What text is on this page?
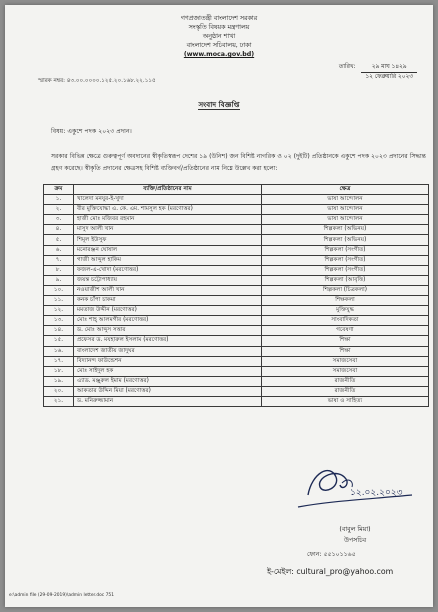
গণপ্রজাতন্ত্রী বাংলাদেশ সরকার
সংস্কৃতি বিষয়ক মন্ত্রণালয়
অনুষ্ঠান শাখা
বাংলাদেশ সচিবালয়, ঢাকা
(www.moca.gov.bd)
তারিখ:	২৯ মাঘ ১৪২৯
১২ ফেব্রুয়ারি ২০২৩
স্মারক নম্বর: ৪৩.০০.০০০০.১২৫.২০.১৬৮.২২.১১৫
সংবাদ বিজ্ঞপ্তি
বিষয়: একুশে পদক ২০২৩ প্রদান।
সরকার বিভিন্ন ক্ষেত্রে গুরুত্বপূর্ণ অবদানের স্বীকৃতিস্বরূপ দেশের ১৯ (উনিশ) জন বিশিষ্ট নাগরিক ও ০২ (দুইটি) প্রতিষ্ঠানকে একুশে পদক ২০২৩ প্রদানের সিদ্ধান্ত গ্রহণ করেছে। স্বীকৃতি প্রদানের ক্ষেত্রসহ বিশিষ্ট ব্যক্তিবর্গ/প্রতিষ্ঠানের নাম নিম্নে উল্লেখ করা হলো:
ক্রম	ব্যক্তি/প্রতিষ্ঠানের নাম	ক্ষেত্র
১.	খালেদা মনযুর-ই-খুদা	ভাষা আন্দোলন
২.	বীর মুক্তিযোদ্ধা এ. কে. এম. শামসুল হক (মরণোত্তর)	ভাষা আন্দোলন
৩.	হাজী মোঃ মজিবর রহমান	ভাষা আন্দোলন
৪.	মাসুদ আলী খান	শিল্পকলা (অভিনয়)
৫.	শিমূল ইউসুফ	শিল্পকলা (অভিনয়)
৬.	মনোরঞ্জন ঘোষাল	শিল্পকলা (সংগীত)
৭.	গাজী আব্দুল হাকিম	শিল্পকলা (সংগীত)
৮.	ফজল-এ-খোদা (মরণোত্তর)	শিল্পকলা (সংগীত)
৯.	জয়ন্ত চট্টোপাধ্যায়	শিল্পকলা (আবৃত্তি)
১০.	নওয়াজীশ আলী খান	শিল্পকলা (চিত্রকলা)
১১.	কনক চাঁপা চাকমা	শিক্ষকলা
১২.	মমতাজ উদ্দীন (মরণোত্তর)	মুক্তিযুদ্ধ
১৩.	মোঃ শাহ্ আলমগীর (মরণোত্তর)	সাংবাদিকতা
১৪.	ড. মোঃ আব্দুস সত্তার	গবেষণা
১৫.	প্রফেসর ড. মযহারুল ইসলাম (মরণোত্তর)	শিক্ষা
১৬.	বাংলাদেশ জাতীয় জাদুঘর	শিক্ষা
১৭.	বিদ্যানন্দ ফাউন্ডেশন	সমাজসেবা
১৮.	মোঃ সাইদুল হক	সমাজসেবা
১৯.	এ্যাড. মঞ্জুরুল ইমাম (মরণোত্তর)	রাজনীতি
২০.	আকতার উদ্দিন মিয়া (মরণোত্তর)	রাজনীতি
২১.	ড. মনিরুজ্জামান	ভাষা ও সাহিত্য
১২.০২.২০২৩
(বাবুল মিয়া)
উপসচিব
ফোন: ৫৫১০১১৬৫
ই-মেইল: cultural_pro@yahoo.com
e:\admin file (29-09-2019)\admin letter.doc 751
